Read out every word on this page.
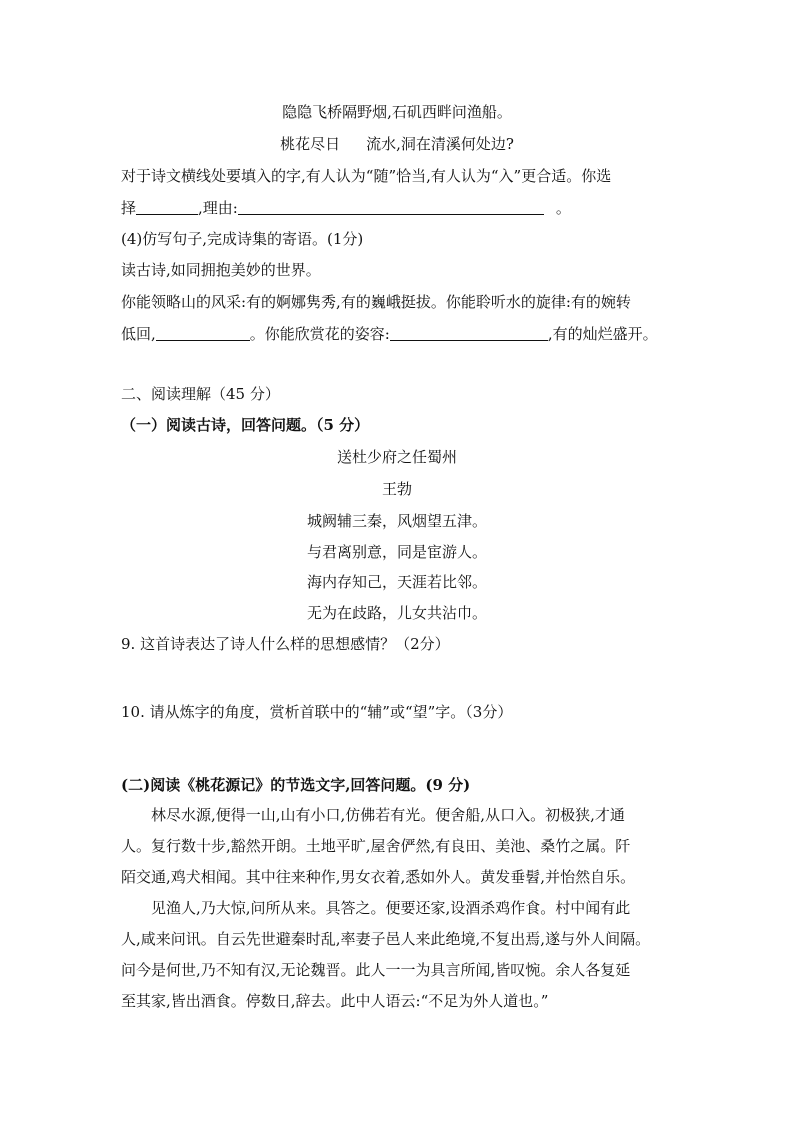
隐隐飞桥隔野烟,石矶西畔问渔船。
桃花尽日 流水,洞在清溪何处边?
对于诗文横线处要填入的字,有人认为“随”恰当,有人认为“入”更合适。你选
择	,理由:	。
(4)仿写句子,完成诗集的寄语。(1分)
读古诗,如同拥抱美妙的世界。
你能领略山的风采:有的婀娜隽秀,有的巍峨挺拔。你能聆听水的旋律:有的婉转
低回,	。你能欣赏花的姿容:	,有的灿烂盛开。
二、阅读理解（45 分）
（一）阅读古诗，回答问题。（5 分）
送杜少府之任蜀州
王勃
城阙辅三秦，风烟望五津。
与君离别意，同是宦游人。
海内存知己，天涯若比邻。
无为在歧路，儿女共沾巾。
9. 这首诗表达了诗人什么样的思想感情？（2分）
10. 请从炼字的角度，赏析首联中的“辅”或“望”字。（3分）
(二)阅读《桃花源记》的节选文字,回答问题。(9 分)
林尽水源,便得一山,山有小口,仿佛若有光。便舍船,从口入。初极狭,才通
人。复行数十步,豁然开朗。土地平旷,屋舍俨然,有良田、美池、桑竹之属。阡
陌交通,鸡犬相闻。其中往来种作,男女衣着,悉如外人。黄发垂髫,并怡然自乐。
见渔人,乃大惊,问所从来。具答之。便要还家,设酒杀鸡作食。村中闻有此
人,咸来问讯。自云先世避秦时乱,率妻子邑人来此绝境,不复出焉,遂与外人间隔。
问今是何世,乃不知有汉,无论魏晋。此人一一为具言所闻,皆叹惋。余人各复延
至其家,皆出酒食。停数日,辞去。此中人语云:“不足为外人道也。”
